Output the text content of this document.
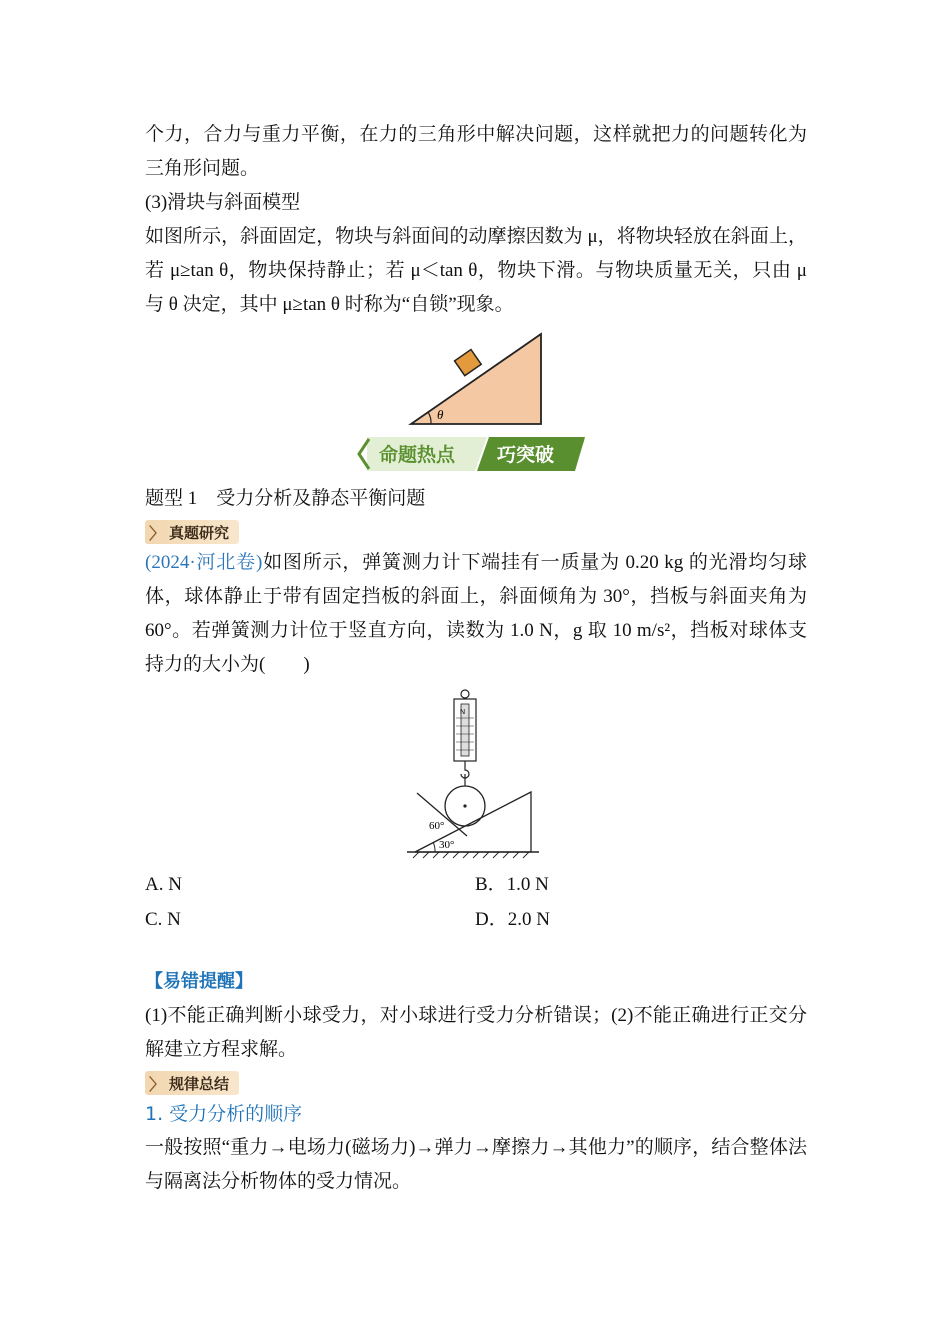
个力，合力与重力平衡，在力的三角形中解决问题，这样就把力的问题转化为三角形问题。

(3)滑块与斜面模型

如图所示，斜面固定，物块与斜面间的动摩擦因数为 μ，将物块轻放在斜面上，若 μ≥tan θ，物块保持静止；若 μ＜tan θ，物块下滑。与物块质量无关，只由 μ 与 θ 决定，其中 μ≥tan θ 时称为“自锁”现象。

θ
命题热点 巧突破

题型 1　受力分析及静态平衡问题

〉 真题研究

(2024·河北卷)如图所示，弹簧测力计下端挂有一质量为 0.20 kg 的光滑均匀球体，球体静止于带有固定挡板的斜面上，斜面倾角为 30°，挡板与斜面夹角为 60°。若弹簧测力计位于竖直方向，读数为 1.0 N，g 取 10 m/s²，挡板对球体支持力的大小为(　　)

N
60°
30°
A. N	B．1.0 N
C. N	D．2.0 N
【易错提醒】

(1)不能正确判断小球受力，对小球进行受力分析错误；(2)不能正确进行正交分解建立方程求解。

〉 规律总结
1. 受力分析的顺序

一般按照“重力→电场力(磁场力)→弹力→摩擦力→其他力”的顺序，结合整体法与隔离法分析物体的受力情况。
